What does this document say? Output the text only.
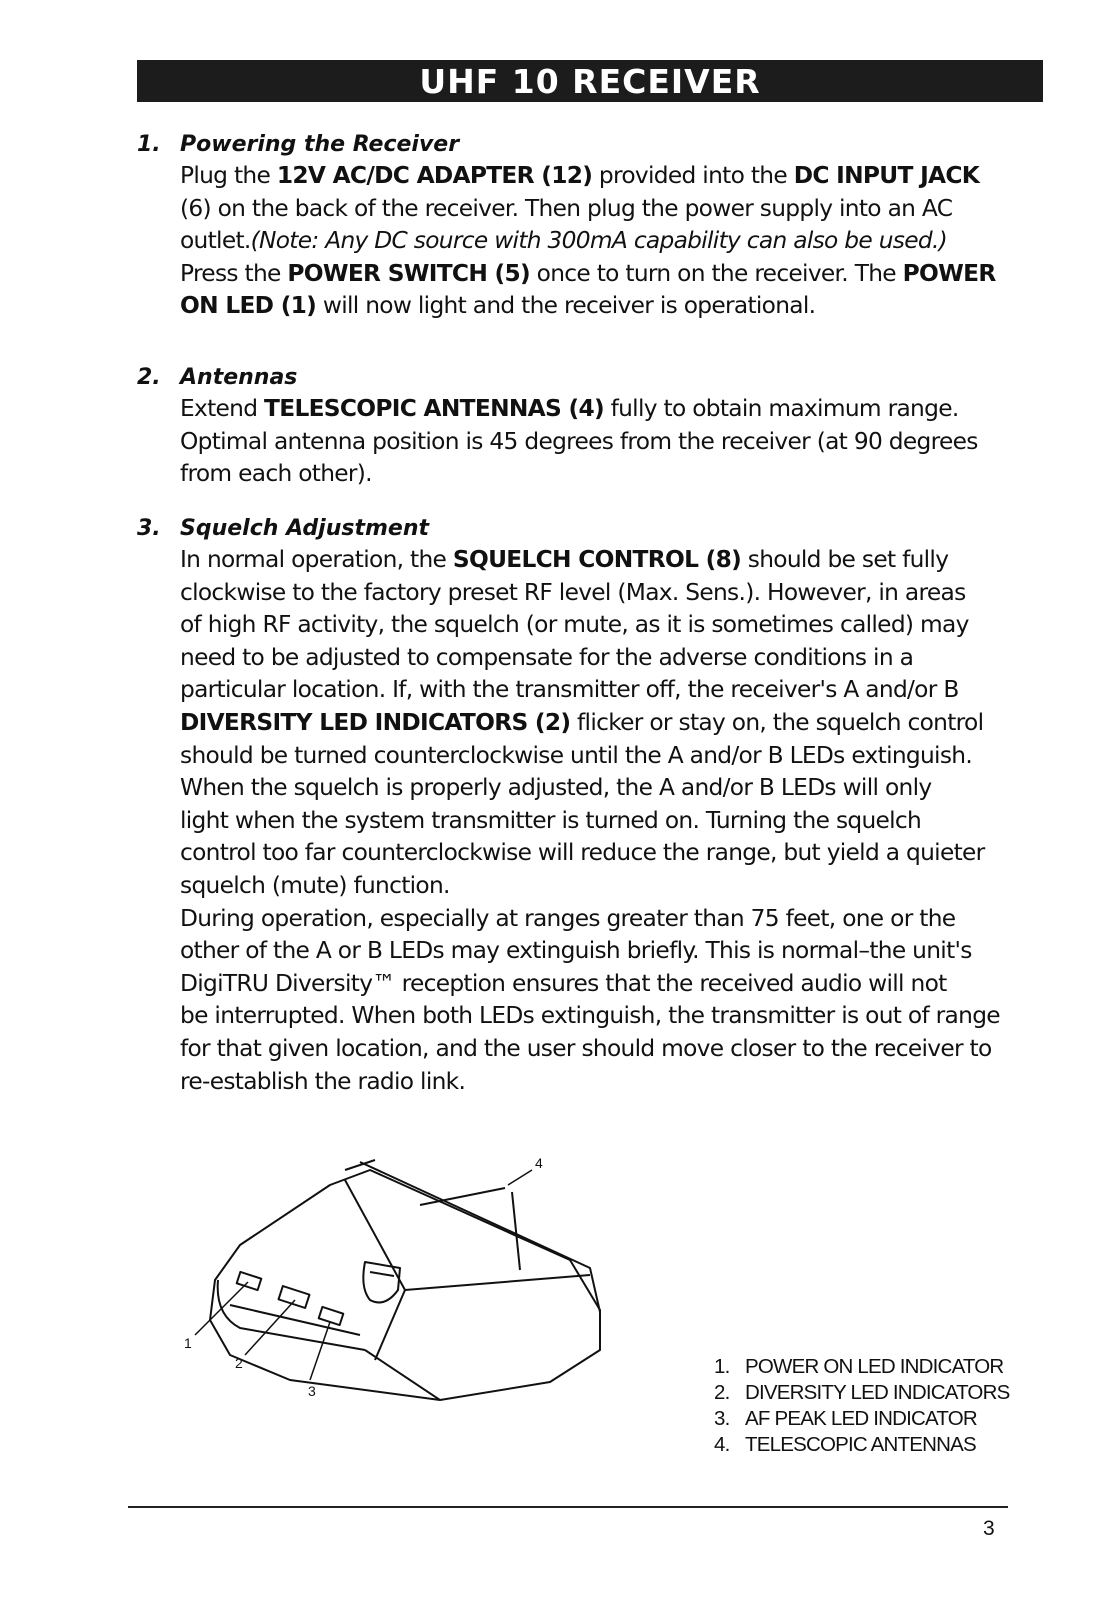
UHF 10 RECEIVER
1. Powering the Receiver
Plug the 12V AC/DC ADAPTER (12) provided into the DC INPUT JACK
(6) on the back of the receiver. Then plug the power supply into an AC
outlet.(Note: Any DC source with 300mA capability can also be used.)
Press the POWER SWITCH (5) once to turn on the receiver. The POWER
ON LED (1) will now light and the receiver is operational.
2. Antennas
Extend TELESCOPIC ANTENNAS (4) fully to obtain maximum range.
Optimal antenna position is 45 degrees from the receiver (at 90 degrees
from each other).
3. Squelch Adjustment
In normal operation, the SQUELCH CONTROL (8) should be set fully
clockwise to the factory preset RF level (Max. Sens.). However, in areas
of high RF activity, the squelch (or mute, as it is sometimes called) may
need to be adjusted to compensate for the adverse conditions in a
particular location. If, with the transmitter off, the receiver's A and/or B
DIVERSITY LED INDICATORS (2) flicker or stay on, the squelch control
should be turned counterclockwise until the A and/or B LEDs extinguish.
When the squelch is properly adjusted, the A and/or B LEDs will only
light when the system transmitter is turned on. Turning the squelch
control too far counterclockwise will reduce the range, but yield a quieter
squelch (mute) function.
During operation, especially at ranges greater than 75 feet, one or the
other of the A or B LEDs may extinguish briefly. This is normal–the unit's
DigiTRU Diversity™ reception ensures that the received audio will not
be interrupted. When both LEDs extinguish, the transmitter is out of range
for that given location, and the user should move closer to the receiver to
re-establish the radio link.
1
2
3
4
1. POWER ON LED INDICATOR
2. DIVERSITY LED INDICATORS
3. AF PEAK LED INDICATOR
4. TELESCOPIC ANTENNAS
3
